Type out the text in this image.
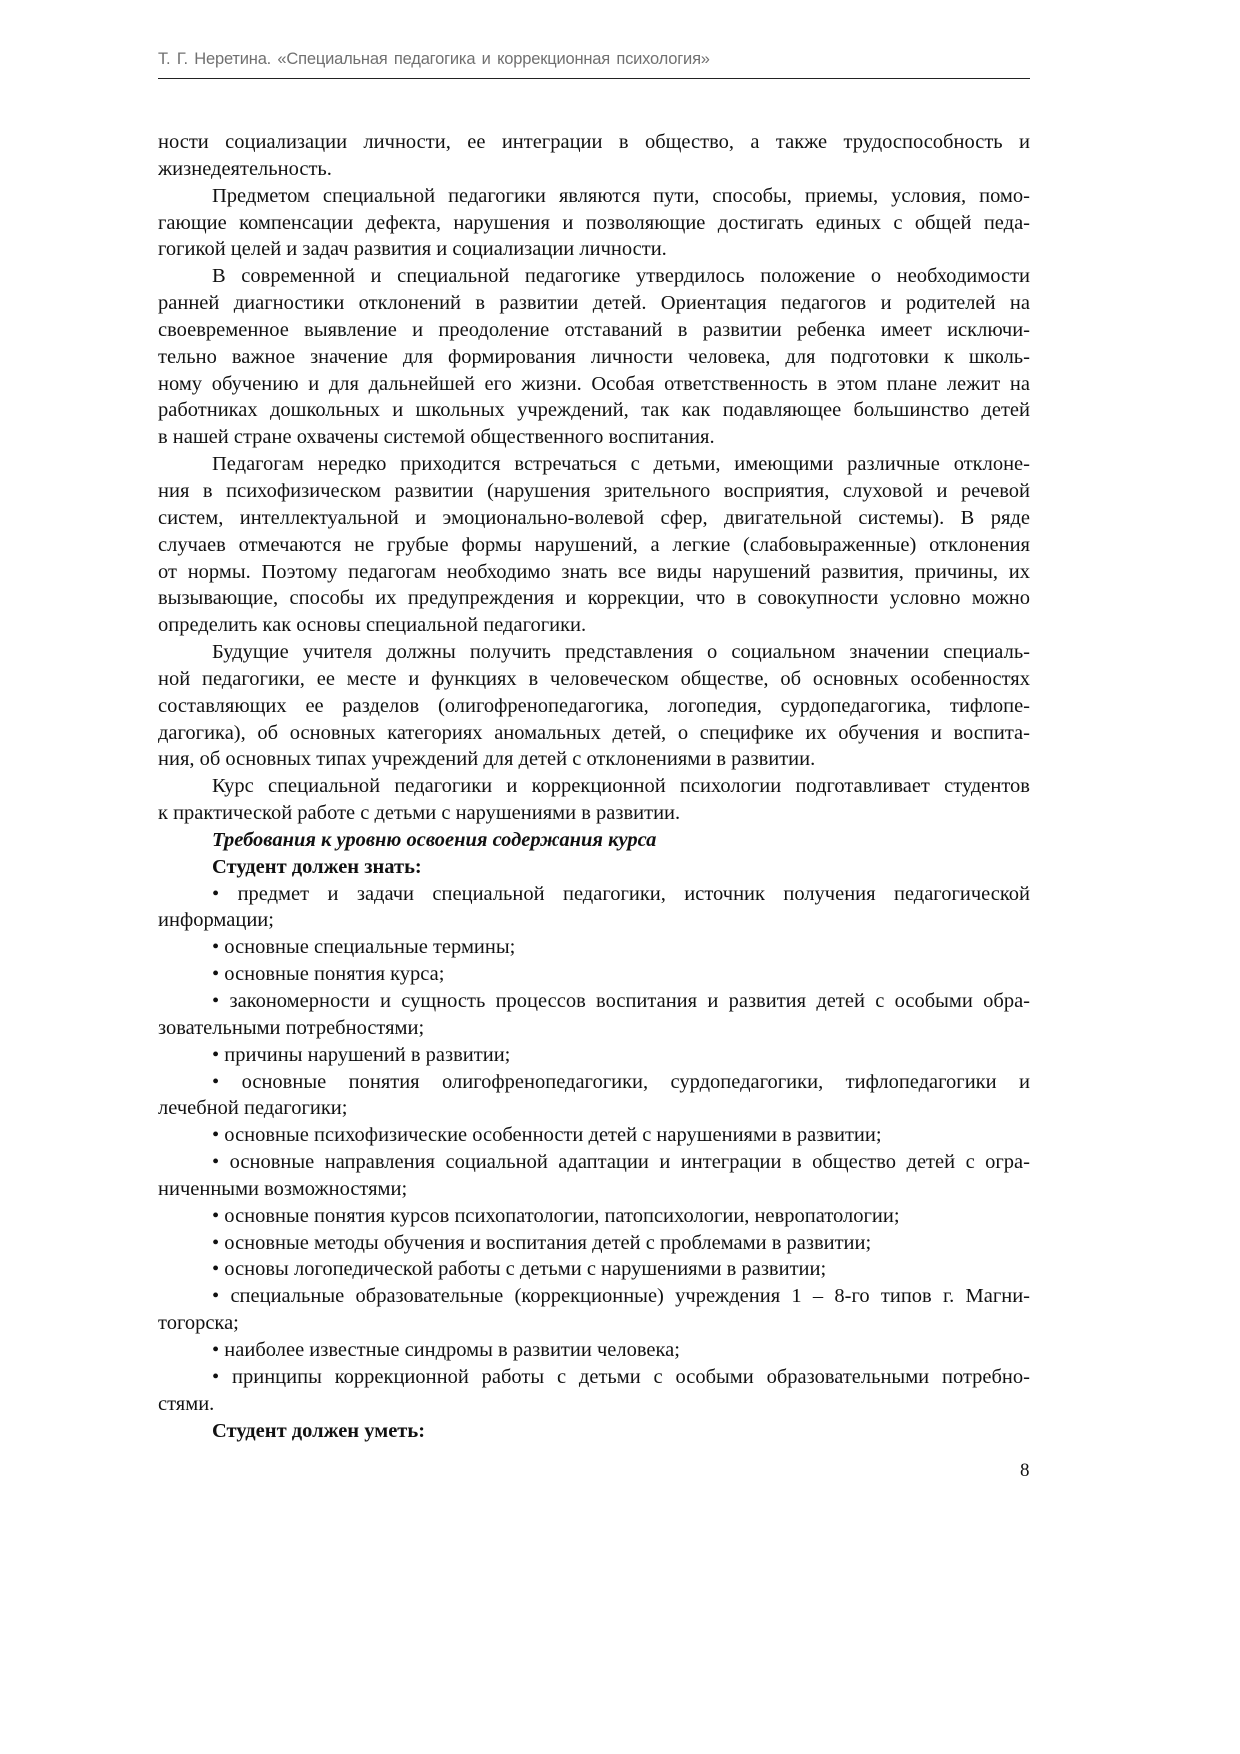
Т. Г. Неретина. «Специальная педагогика и коррекционная психология»
ности социализации личности, ее интеграции в общество, а также трудоспособность и
жизнедеятельность.
Предметом специальной педагогики являются пути, способы, приемы, условия, помо-
гающие компенсации дефекта, нарушения и позволяющие достигать единых с общей педа-
гогикой целей и задач развития и социализации личности.
В современной и специальной педагогике утвердилось положение о необходимости
ранней диагностики отклонений в развитии детей. Ориентация педагогов и родителей на
своевременное выявление и преодоление отставаний в развитии ребенка имеет исключи-
тельно важное значение для формирования личности человека, для подготовки к школь-
ному обучению и для дальнейшей его жизни. Особая ответственность в этом плане лежит на
работниках дошкольных и школьных учреждений, так как подавляющее большинство детей
в нашей стране охвачены системой общественного воспитания.
Педагогам нередко приходится встречаться с детьми, имеющими различные отклоне-
ния в психофизическом развитии (нарушения зрительного восприятия, слуховой и речевой
систем, интеллектуальной и эмоционально-волевой сфер, двигательной системы). В ряде
случаев отмечаются не грубые формы нарушений, а легкие (слабовыраженные) отклонения
от нормы. Поэтому педагогам необходимо знать все виды нарушений развития, причины, их
вызывающие, способы их предупреждения и коррекции, что в совокупности условно можно
определить как основы специальной педагогики.
Будущие учителя должны получить представления о социальном значении специаль-
ной педагогики, ее месте и функциях в человеческом обществе, об основных особенностях
составляющих ее разделов (олигофренопедагогика, логопедия, сурдопедагогика, тифлопе-
дагогика), об основных категориях аномальных детей, о специфике их обучения и воспита-
ния, об основных типах учреждений для детей с отклонениями в развитии.
Курс специальной педагогики и коррекционной психологии подготавливает студентов
к практической работе с детьми с нарушениями в развитии.
Требования к уровню освоения содержания курса
Студент должен знать:
• предмет и задачи специальной педагогики, источник получения педагогической
информации;
• основные специальные термины;
• основные понятия курса;
• закономерности и сущность процессов воспитания и развития детей с особыми обра-
зовательными потребностями;
• причины нарушений в развитии;
• основные понятия олигофренопедагогики, сурдопедагогики, тифлопедагогики и
лечебной педагогики;
• основные психофизические особенности детей с нарушениями в развитии;
• основные направления социальной адаптации и интеграции в общество детей с огра-
ниченными возможностями;
• основные понятия курсов психопатологии, патопсихологии, невропатологии;
• основные методы обучения и воспитания детей с проблемами в развитии;
• основы логопедической работы с детьми с нарушениями в развитии;
• специальные образовательные (коррекционные) учреждения 1 – 8-го типов г. Магни-
тогорска;
• наиболее известные синдромы в развитии человека;
• принципы коррекционной работы с детьми с особыми образовательными потребно-
стями.
Студент должен уметь:
8
